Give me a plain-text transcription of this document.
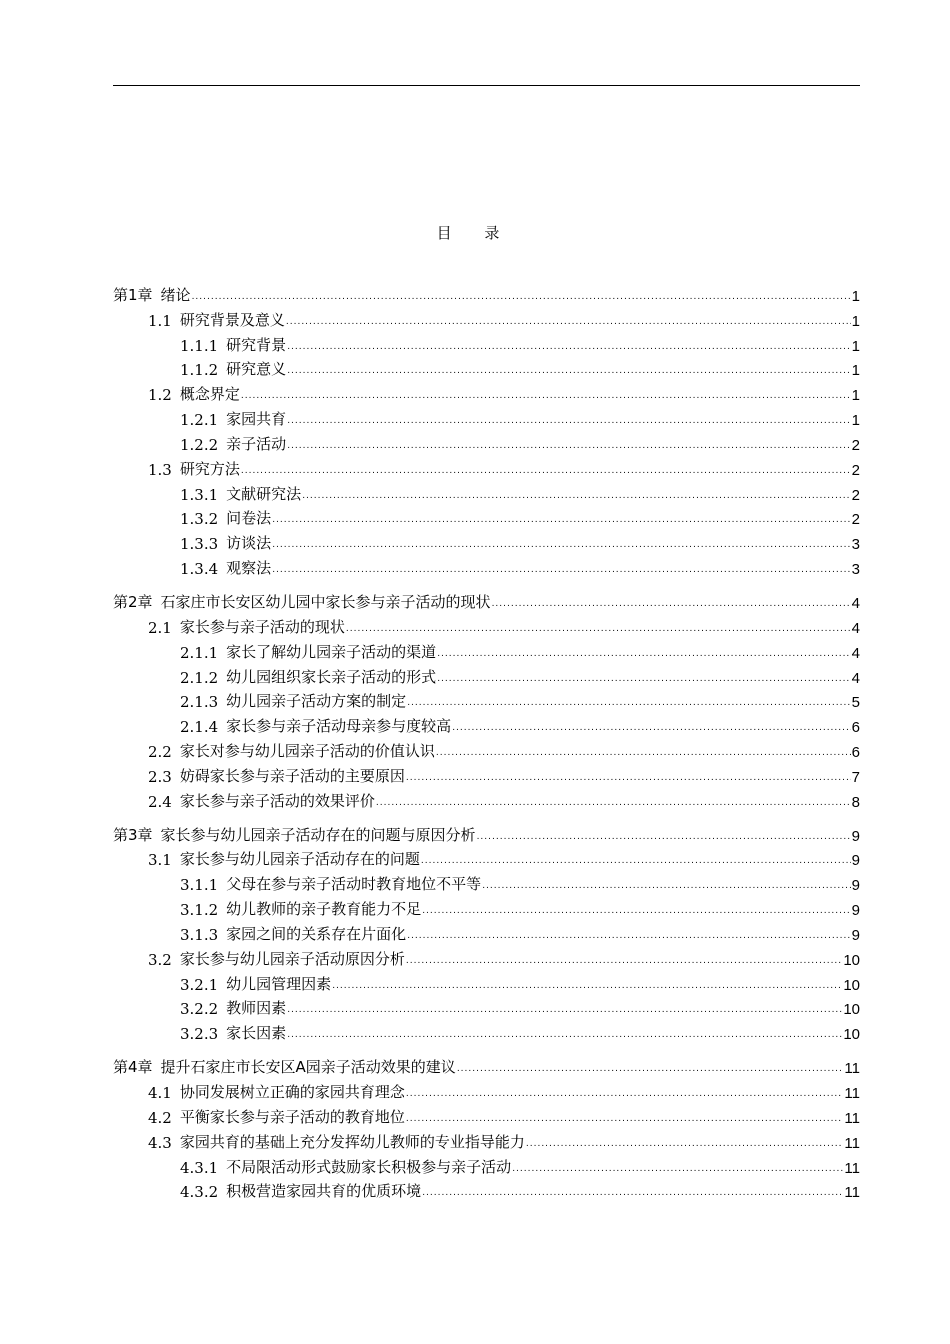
目 录
第1章 绪论 .....	1
1.1 研究背景及意义 .....	1
1.1.1 研究背景 .....	1
1.1.2 研究意义 .....	1
1.2 概念界定 .....	1
1.2.1 家园共育 .....	1
1.2.2 亲子活动 .....	2
1.3 研究方法 .....	2
1.3.1 文献研究法 .....	2
1.3.2 问卷法 .....	2
1.3.3 访谈法 .....	3
1.3.4 观察法 .....	3
第2章 石家庄市长安区幼儿园中家长参与亲子活动的现状 .....	4
2.1 家长参与亲子活动的现状 .....	4
2.1.1 家长了解幼儿园亲子活动的渠道 .....	4
2.1.2 幼儿园组织家长亲子活动的形式 .....	4
2.1.3 幼儿园亲子活动方案的制定 .....	5
2.1.4 家长参与亲子活动母亲参与度较高 .....	6
2.2 家长对参与幼儿园亲子活动的价值认识 .....	6
2.3 妨碍家长参与亲子活动的主要原因 .....	7
2.4 家长参与亲子活动的效果评价 .....	8
第3章 家长参与幼儿园亲子活动存在的问题与原因分析 .....	9
3.1 家长参与幼儿园亲子活动存在的问题 .....	9
3.1.1 父母在参与亲子活动时教育地位不平等 .....	9
3.1.2 幼儿教师的亲子教育能力不足 .....	9
3.1.3 家园之间的关系存在片面化 .....	9
3.2 家长参与幼儿园亲子活动原因分析 .....	10
3.2.1 幼儿园管理因素 .....	10
3.2.2 教师因素 .....	10
3.2.3 家长因素 .....	10
第4章 提升石家庄市长安区A园亲子活动效果的建议 .....	11
4.1 协同发展树立正确的家园共育理念 .....	11
4.2 平衡家长参与亲子活动的教育地位 .....	11
4.3 家园共育的基础上充分发挥幼儿教师的专业指导能力 .....	11
4.3.1 不局限活动形式鼓励家长积极参与亲子活动 .....	11
4.3.2 积极营造家园共育的优质环境 .....	11
